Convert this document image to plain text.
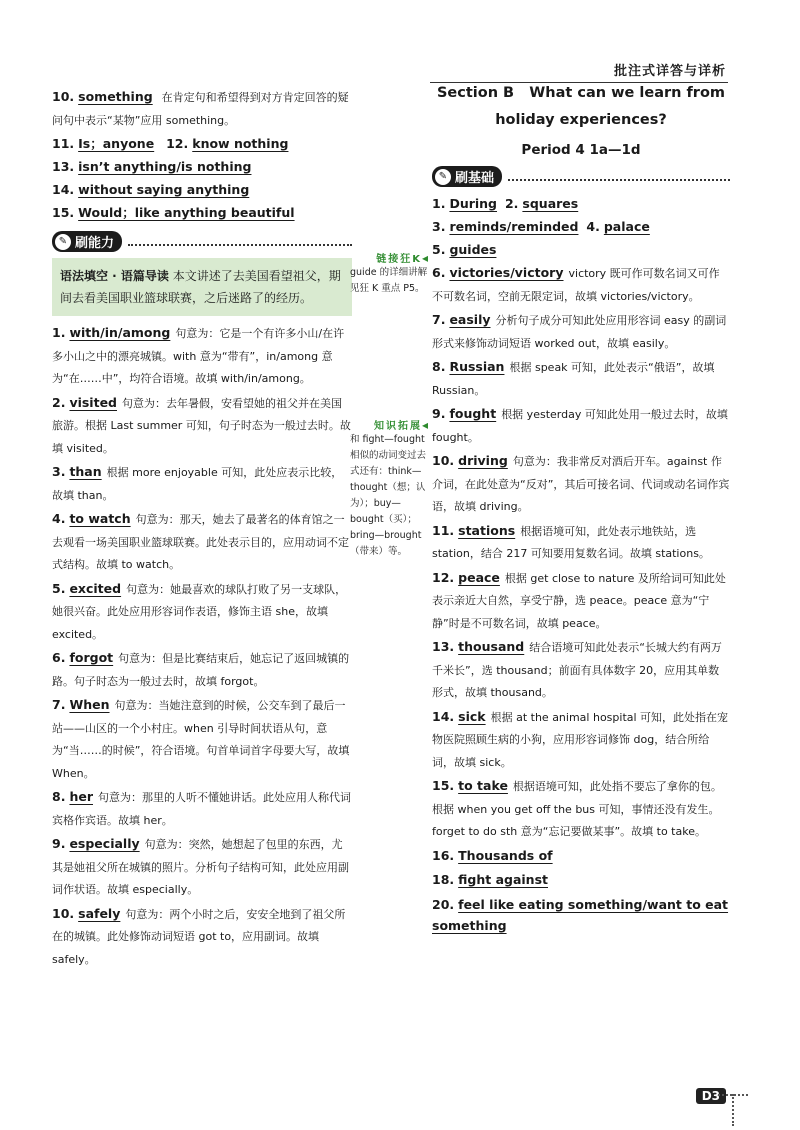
批注式详答与详析
10. something 在肯定句和希望得到对方肯定回答的疑问句中表示“某物”应用 something。
11. Is；anyone 12. know nothing
13. isn’t anything/is nothing
14. without saying anything
15. Would；like anything beautiful
✎ 刷能力
语法填空 · 语篇导读 本文讲述了去美国看望祖父，期间去看美国职业篮球联赛，之后迷路了的经历。
1. with/in/among 句意为：它是一个有许多小山/在许多小山之中的漂亮城镇。with 意为“带有”，in/among 意为“在……中”，均符合语境。故填 with/in/among。
2. visited 句意为：去年暑假，安看望她的祖父并在美国旅游。根据 Last summer 可知，句子时态为一般过去时。故填 visited。
3. than 根据 more enjoyable 可知，此处应表示比较，故填 than。
4. to watch 句意为：那天，她去了最著名的体育馆之一去观看一场美国职业篮球联赛。此处表示目的，应用动词不定式结构。故填 to watch。
5. excited 句意为：她最喜欢的球队打败了另一支球队，她很兴奋。此处应用形容词作表语，修饰主语 she，故填 excited。
6. forgot 句意为：但是比赛结束后，她忘记了返回城镇的路。句子时态为一般过去时，故填 forgot。
7. When 句意为：当她注意到的时候，公交车到了最后一站——山区的一个小村庄。when 引导时间状语从句，意为“当……的时候”，符合语境。句首单词首字母要大写，故填 When。
8. her 句意为：那里的人听不懂她讲话。此处应用人称代词宾格作宾语。故填 her。
9. especially 句意为：突然，她想起了包里的东西，尤其是她祖父所在城镇的照片。分析句子结构可知，此处应用副词作状语。故填 especially。
10. safely 句意为：两个小时之后，安安全地到了祖父所在的城镇。此处修饰动词短语 got to，应用副词。故填 safely。
链接狂K◂
guide 的详细讲解见狂 K 重点 P5。
知识拓展◂
和 fight—fought 相似的动词变过去式还有：think—thought（想；认为）；buy—bought（买）；bring—brought（带来）等。
Section B What can we learn from
holiday experiences?
Period 4 1a—1d
✎ 刷基础
1. During 2. squares
3. reminds/reminded 4. palace
5. guides
6. victories/victory victory 既可作可数名词又可作不可数名词，空前无限定词，故填 victories/victory。
7. easily 分析句子成分可知此处应用形容词 easy 的副词形式来修饰动词短语 worked out，故填 easily。
8. Russian 根据 speak 可知，此处表示“俄语”，故填 Russian。
9. fought 根据 yesterday 可知此处用一般过去时，故填 fought。
10. driving 句意为：我非常反对酒后开车。against 作介词，在此处意为“反对”，其后可接名词、代词或动名词作宾语，故填 driving。
11. stations 根据语境可知，此处表示地铁站，选 station，结合 217 可知要用复数名词。故填 stations。
12. peace 根据 get close to nature 及所给词可知此处表示亲近大自然，享受宁静，选 peace。peace 意为“宁静”时是不可数名词，故填 peace。
13. thousand 结合语境可知此处表示“长城大约有两万千米长”，选 thousand；前面有具体数字 20，应用其单数形式，故填 thousand。
14. sick 根据 at the animal hospital 可知，此处指在宠物医院照顾生病的小狗，应用形容词修饰 dog，结合所给词，故填 sick。
15. to take 根据语境可知，此处指不要忘了拿你的包。根据 when you get off the bus 可知，事情还没有发生。forget to do sth 意为“忘记要做某事”。故填 to take。
16. Thousands of
18. fight against
20. feel like eating something/want to eat something

D3
